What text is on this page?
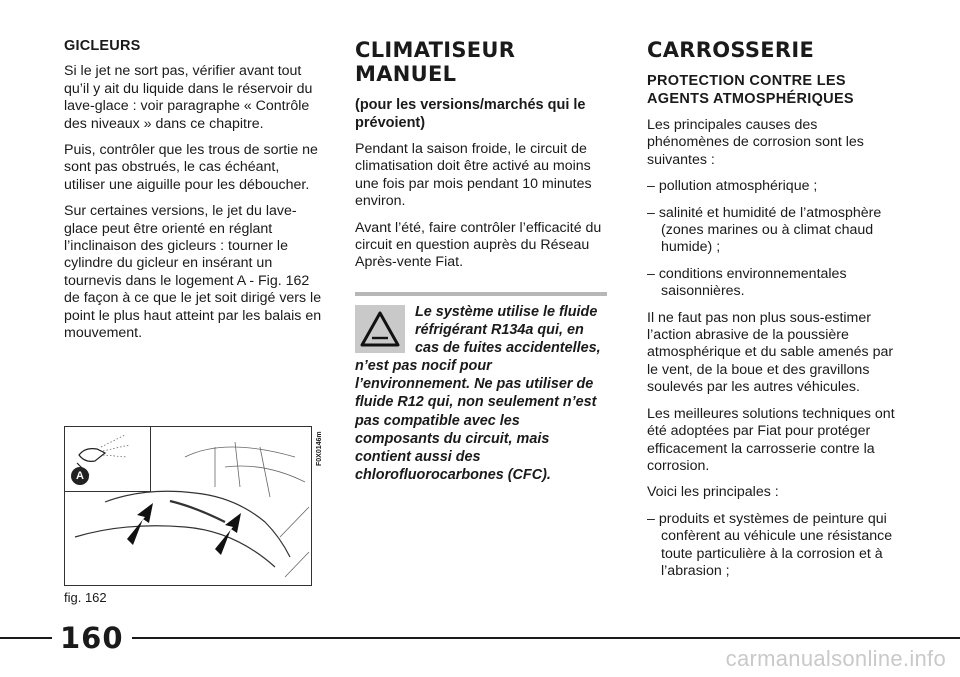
GICLEURS

Si le jet ne sort pas, vérifier avant tout qu’il y ait du liquide dans le réservoir du lave-glace : voir paragraphe « Contrôle des niveaux » dans ce chapitre.

Puis, contrôler que les trous de sortie ne sont pas obstrués, le cas échéant, utiliser une aiguille pour les déboucher.

Sur certaines versions, le jet du lave-glace peut être orienté en réglant l’inclinaison des gicleurs : tourner le cylindre du gicleur en insérant un tournevis dans le logement A - Fig. 162 de façon à ce que le jet soit dirigé vers le point le plus haut atteint par les balais en mouvement.

A
F0X0146m
fig. 162
CLIMATISEUR MANUEL
(pour les versions/marchés qui le prévoient)

Pendant la saison froide, le circuit de climatisation doit être activé au moins une fois par mois pendant 10 minutes environ.

Avant l’été, faire contrôler l’efficacité du circuit en question auprès du Réseau Après-vente Fiat.

Le système utilise le fluide réfrigérant R134a qui, en cas de fuites accidentelles, n’est pas nocif pour l’environnement. Ne pas utiliser de fluide R12 qui, non seulement n’est pas compatible avec les composants du circuit, mais contient aussi des chlorofluorocarbones (CFC).
CARROSSERIE
PROTECTION CONTRE LES AGENTS ATMOSPHÉRIQUES

Les principales causes des phénomènes de corrosion sont les suivantes :

– pollution atmosphérique ;

– salinité et humidité de l’atmosphère (zones marines ou à climat chaud humide) ;

– conditions environnementales saisonnières.

Il ne faut pas non plus sous-estimer l’action abrasive de la poussière atmosphérique et du sable amenés par le vent, de la boue et des gravillons soulevés par les autres véhicules.

Les meilleures solutions techniques ont été adoptées par Fiat pour protéger efficacement la carrosserie contre la corrosion.

Voici les principales :

– produits et systèmes de peinture qui confèrent au véhicule une résistance toute particulière à la corrosion et à l’abrasion ;

160
carmanualsonline.info
